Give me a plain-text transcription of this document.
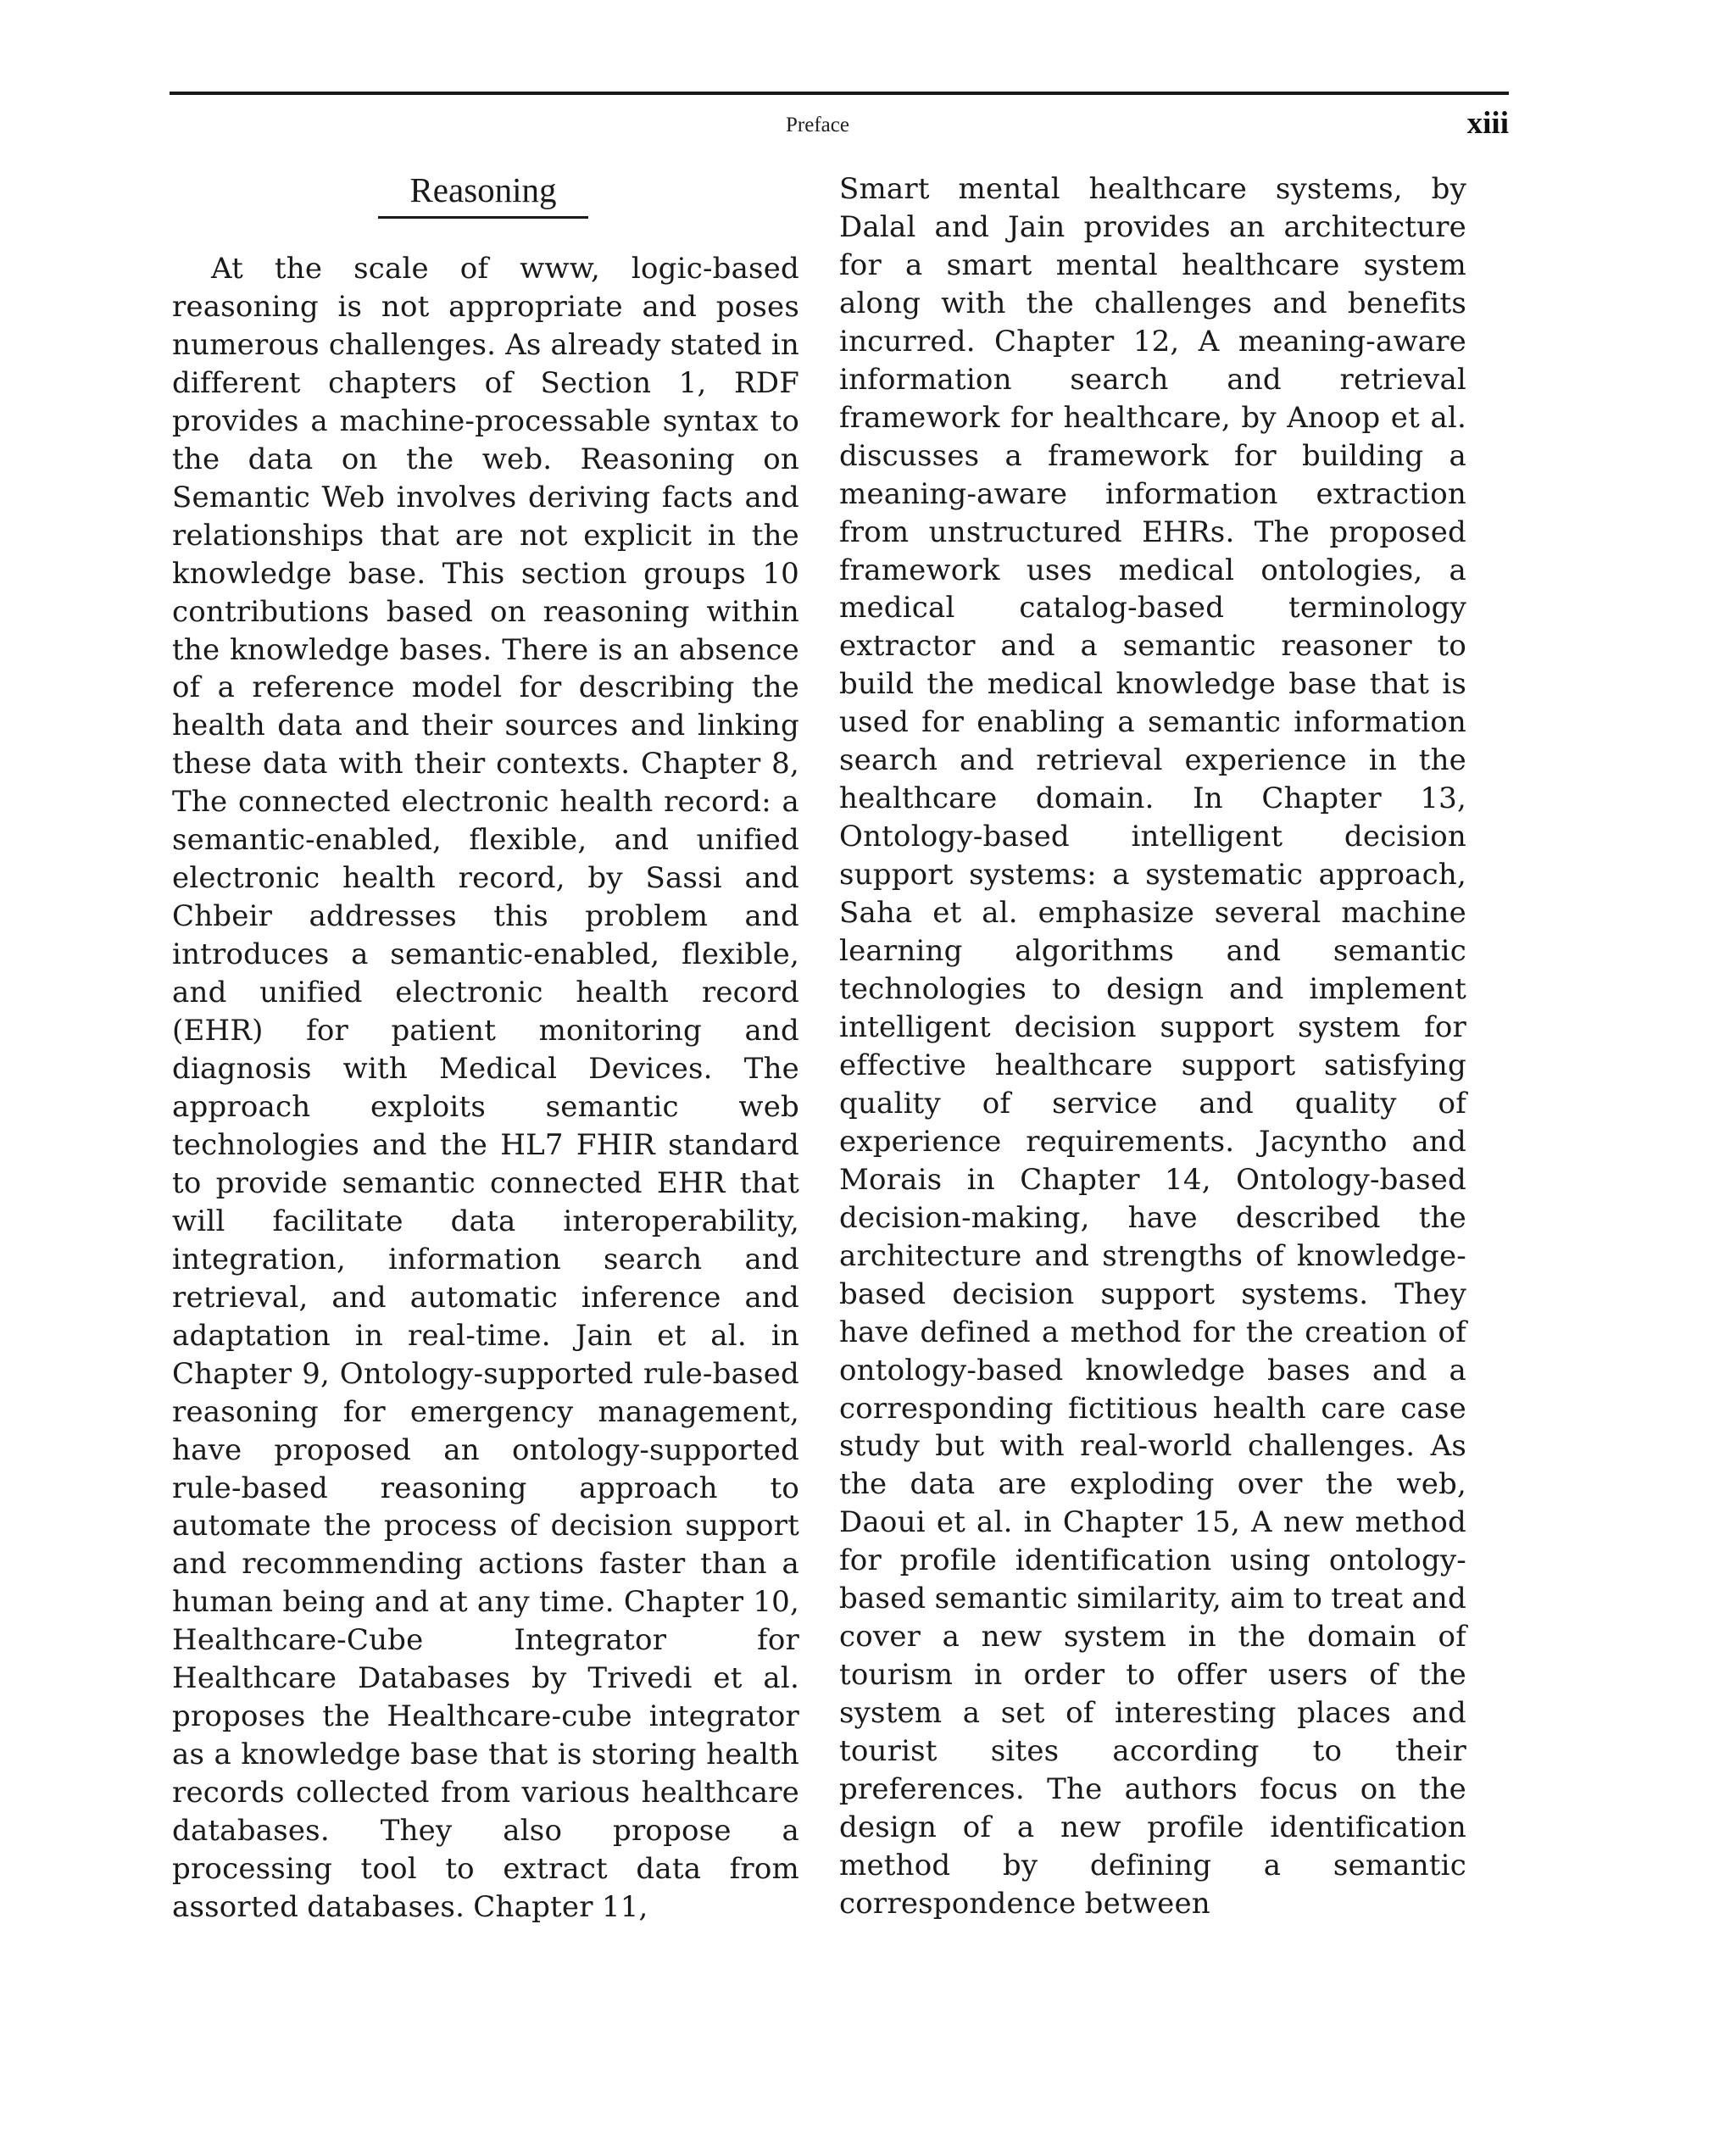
Preface	xiii
Reasoning

At the scale of www, logic-based reasoning is not appropriate and poses numerous challenges. As already stated in different chapters of Section 1, RDF provides a machine-processable syntax to the data on the web. Reasoning on Semantic Web involves deriving facts and relationships that are not explicit in the knowledge base. This section groups 10 contributions based on reasoning within the knowledge bases. There is an absence of a reference model for describing the health data and their sources and linking these data with their contexts. Chapter 8, The connected electronic health record: a semantic-enabled, flexible, and unified electronic health record, by Sassi and Chbeir addresses this problem and introduces a semantic-enabled, flexible, and unified electronic health record (EHR) for patient monitoring and diagnosis with Medical Devices. The approach exploits semantic web technologies and the HL7 FHIR standard to provide semantic connected EHR that will facilitate data interoperability, integration, information search and retrieval, and automatic inference and adaptation in real-time. Jain et al. in Chapter 9, Ontology-supported rule-based reasoning for emergency management, have proposed an ontology-supported rule-based reasoning approach to automate the process of decision support and recommending actions faster than a human being and at any time. Chapter 10, Healthcare-Cube Integrator for Healthcare Databases by Trivedi et al. proposes the Healthcare-cube integrator as a knowledge base that is storing health records collected from various healthcare databases. They also propose a processing tool to extract data from assorted databases. Chapter 11,

Smart mental healthcare systems, by Dalal and Jain provides an architecture for a smart mental healthcare system along with the challenges and benefits incurred. Chapter 12, A meaning-aware information search and retrieval framework for healthcare, by Anoop et al. discusses a framework for building a meaning-aware information extraction from unstructured EHRs. The proposed framework uses medical ontologies, a medical catalog-based terminology extractor and a semantic reasoner to build the medical knowledge base that is used for enabling a semantic information search and retrieval experience in the healthcare domain. In Chapter 13, Ontology-based intelligent decision support systems: a systematic approach, Saha et al. emphasize several machine learning algorithms and semantic technologies to design and implement intelligent decision support system for effective healthcare support satisfying quality of service and quality of experience requirements. Jacyntho and Morais in Chapter 14, Ontology-based decision-making, have described the architecture and strengths of knowledge-based decision support systems. They have defined a method for the creation of ontology-based knowledge bases and a corresponding fictitious health care case study but with real-world challenges. As the data are exploding over the web, Daoui et al. in Chapter 15, A new method for profile identification using ontology-based semantic similarity, aim to treat and cover a new system in the domain of tourism in order to offer users of the system a set of interesting places and tourist sites according to their preferences. The authors focus on the design of a new profile identification method by defining a semantic correspondence between
